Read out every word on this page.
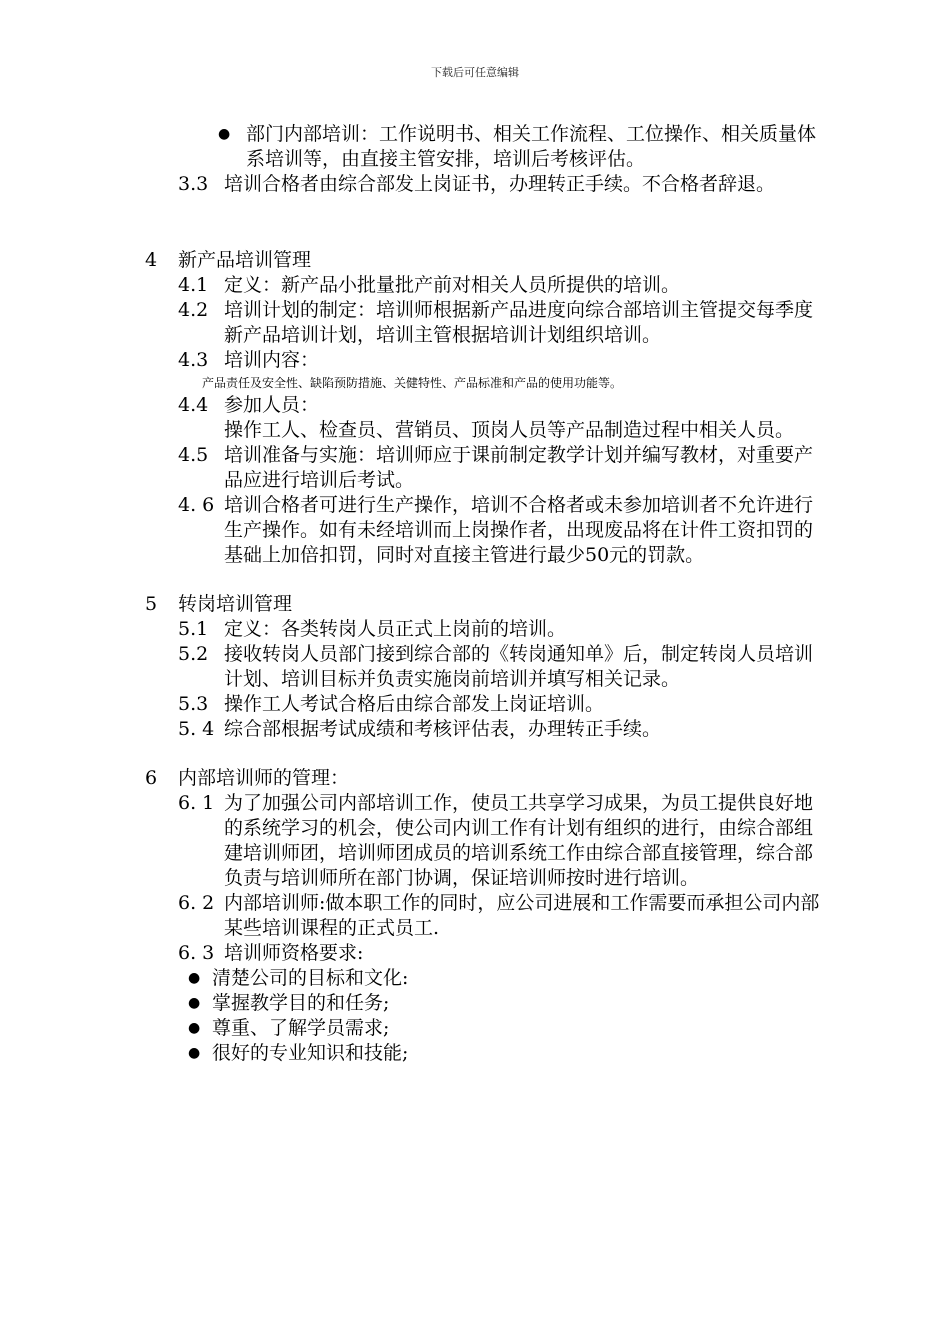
下载后可任意编辑
● 部门内部培训：工作说明书、相关工作流程、工位操作、相关质量体系培训等，由直接主管安排，培训后考核评估。
3.3 培训合格者由综合部发上岗证书，办理转正手续。不合格者辞退。
4 新产品培训管理
4.1 定义：新产品小批量批产前对相关人员所提供的培训。
4.2 培训计划的制定：培训师根据新产品进度向综合部培训主管提交每季度新产品培训计划，培训主管根据培训计划组织培训。
4.3 培训内容：
产品责任及安全性、缺陷预防措施、关健特性、产品标准和产品的使用功能等。
4.4 参加人员：
操作工人、检查员、营销员、顶岗人员等产品制造过程中相关人员。
4.5 培训准备与实施：培训师应于课前制定教学计划并编写教材，对重要产品应进行培训后考试。
4. 6 培训合格者可进行生产操作，培训不合格者或未参加培训者不允许进行生产操作。如有未经培训而上岗操作者，出现废品将在计件工资扣罚的基础上加倍扣罚，同时对直接主管进行最少50元的罚款。
5 转岗培训管理
5.1 定义：各类转岗人员正式上岗前的培训。
5.2 接收转岗人员部门接到综合部的《转岗通知单》后，制定转岗人员培训计划、培训目标并负责实施岗前培训并填写相关记录。
5.3 操作工人考试合格后由综合部发上岗证培训。
5. 4 综合部根据考试成绩和考核评估表，办理转正手续。
6 内部培训师的管理：
6. 1 为了加强公司内部培训工作，使员工共享学习成果，为员工提供良好地的系统学习的机会，使公司内训工作有计划有组织的进行，由综合部组建培训师团，培训师团成员的培训系统工作由综合部直接管理，综合部负责与培训师所在部门协调，保证培训师按时进行培训。
6. 2 内部培训师:做本职工作的同时，应公司进展和工作需要而承担公司内部某些培训课程的正式员工.
6. 3 培训师资格要求:
● 清楚公司的目标和文化:
● 掌握教学目的和任务;
● 尊重、了解学员需求;
● 很好的专业知识和技能;
